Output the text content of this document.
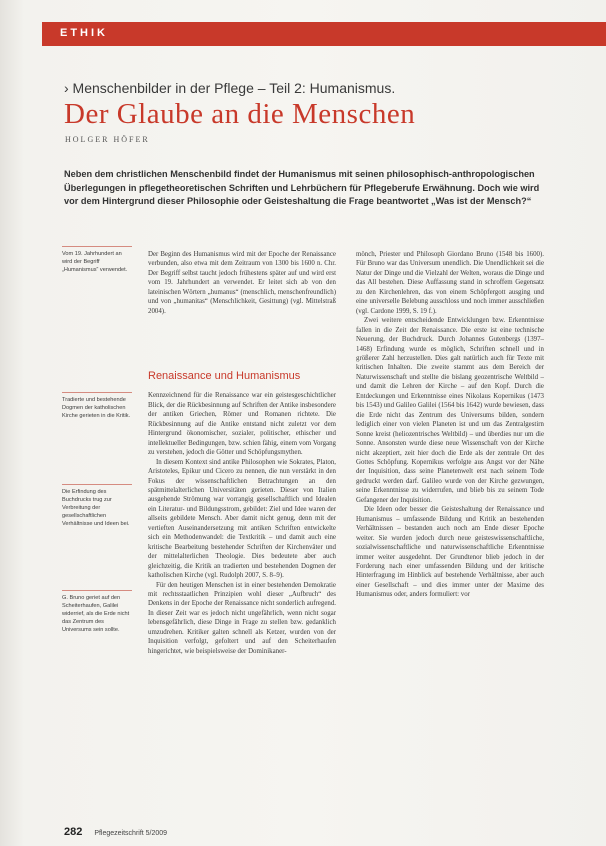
ETHIK
› Menschenbilder in der Pflege – Teil 2: Humanismus.
Der Glaube an die Menschen
HOLGER HÖFER
Neben dem christlichen Menschenbild findet der Humanismus mit seinen philosophisch-anthropologischen Überlegungen in pflegetheoretischen Schriften und Lehrbüchern für Pflegeberufe Erwähnung. Doch wie wird vor dem Hintergrund dieser Philosophie oder Geisteshaltung die Frage beantwortet „Was ist der Mensch?“
Vom 19. Jahrhundert an wird der Begriff „Humanismus“ verwendet.
Tradierte und bestehende Dogmen der katholischen Kirche gerieten in die Kritik.
Die Erfindung des Buchdrucks trug zur Verbreitung der gesellschaftlichen Verhältnisse und Ideen bei.
G. Bruno geriet auf den Scheiterhaufen, Galilei widerrief, als die Erde nicht das Zentrum des Universums sein sollte.

Der Beginn des Humanismus wird mit der Epoche der Renaissance verbunden, also etwa mit dem Zeitraum von 1300 bis 1600 n. Chr. Der Begriff selbst taucht jedoch frühestens später auf und wird erst vom 19. Jahrhundert an verwendet. Er leitet sich ab von den lateinischen Wörtern „humanus“ (menschlich, menschenfreundlich) und von „humanitas“ (Menschlichkeit, Gesittung) (vgl. Mittelstraß 2004).

Renaissance und Humanismus

Kennzeichnend für die Renaissance war ein geistesgeschichtlicher Blick, der die Rückbesinnung auf Schriften der Antike insbesondere der antiken Griechen, Römer und Romanen richtete. Die Rückbesinnung auf die Antike entstand nicht zuletzt vor dem Hintergrund ökonomischer, sozialer, politischer, ethischer und intellektueller Bedingungen, bzw. schien fähig, einem vom Vorgang zu verstehen, jedoch die Götter und Schöpfungsmythen.

In diesem Kontext sind antike Philosophen wie Sokrates, Platon, Aristoteles, Epikur und Cicero zu nennen, die nun verstärkt in den Fokus der wissenschaftlichen Betrachtungen an den spätmittelalterlichen Universitäten gerieten. Dieser von Italien ausgehende Strömung war vorrangig gesellschaftlich und Idealen ein Literatur- und Bildungsstrom, gebildet: Ziel und Idee waren der allseits gebildete Mensch. Aber damit nicht genug, denn mit der vertieften Auseinandersetzung mit antiken Schriften entwickelte sich ein Methodenwandel: die Textkritik – und damit auch eine kritische Bearbeitung bestehender Schriften der Kirchenväter und der mittelalterlichen Theologie. Dies bedeutete aber auch gleichzeitig, die Kritik an tradierten und bestehenden Dogmen der katholischen Kirche (vgl. Rudolph 2007, S. 8–9).

Für den heutigen Menschen ist in einer bestehenden Demokratie mit rechtsstaatlichen Prinzipien wohl dieser „Aufbruch“ des Denkens in der Epoche der Renaissance nicht sonderlich aufregend. In dieser Zeit war es jedoch nicht ungefährlich, wenn nicht sogar lebensgefährlich, diese Dinge in Frage zu stellen bzw. gedanklich umzudrehen. Kritiker galten schnell als Ketzer, wurden von der Inquisition verfolgt, gefoltert und auf den Scheiterhaufen hingerichtet, wie beispielsweise der Dominikaner-

mönch, Priester und Philosoph Giordano Bruno (1548 bis 1600). Für Bruno war das Universum unendlich. Die Unendlichkeit sei die Natur der Dinge und die Vielzahl der Welten, woraus die Dinge und das All bestehen. Diese Auffassung stand in schroffem Gegensatz zu den Kirchenlehren, das von einem Schöpfergott ausging und eine universelle Belebung ausschloss und noch immer ausschließen (vgl. Cardone 1999, S. 19 f.).

Zwei weitere entscheidende Entwicklungen bzw. Erkenntnisse fallen in die Zeit der Renaissance. Die erste ist eine technische Neuerung, der Buchdruck. Durch Johannes Gutenbergs (1397–1468) Erfindung wurde es möglich, Schriften schnell und in größerer Zahl herzustellen. Dies galt natürlich auch für Texte mit kritischen Inhalten. Die zweite stammt aus dem Bereich der Naturwissenschaft und stellte die bislang geozentrische Weltbild – und damit die Lehren der Kirche – auf den Kopf. Durch die Entdeckungen und Erkenntnisse eines Nikolaus Kopernikus (1473 bis 1543) und Galileo Galilei (1564 bis 1642) wurde bewiesen, dass die Erde nicht das Zentrum des Universums bilden, sondern lediglich einer von vielen Planeten ist und um das Zentralgestirn Sonne kreist (heliozentrisches Weltbild) – und überdies nur um die Sonne. Ansonsten wurde diese neue Wissenschaft von der Kirche nicht akzeptiert, zeit hier doch die Erde als der zentrale Ort des Gottes Schöpfung. Kopernikus verfolgte aus Angst vor der Nähe der Inquisition, dass seine Planetenwelt erst nach seinem Tode gedruckt werden darf. Galileo wurde von der Kirche gezwungen, seine Erkenntnisse zu widerrufen, und blieb bis zu seinem Tode Gefangener der Inquisition.

Die Ideen oder besser die Geisteshaltung der Renaissance und Humanismus – umfassende Bildung und Kritik an bestehenden Verhältnissen – bestanden auch noch am Ende dieser Epoche weiter. Sie wurden jedoch durch neue geisteswissenschaftliche, sozialwissenschaftliche und naturwissenschaftliche Erkenntnisse immer weiter ausgedehnt. Der Grundtenor blieb jedoch in der Forderung nach einer umfassenden Bildung und der kritische Hinterfragung im Hinblick auf bestehende Verhältnisse, aber auch einer Gesellschaft – und dies immer unter der Maxime des Humanismus oder, anders formuliert: vor

282 Pflegezeitschrift 5/2009
